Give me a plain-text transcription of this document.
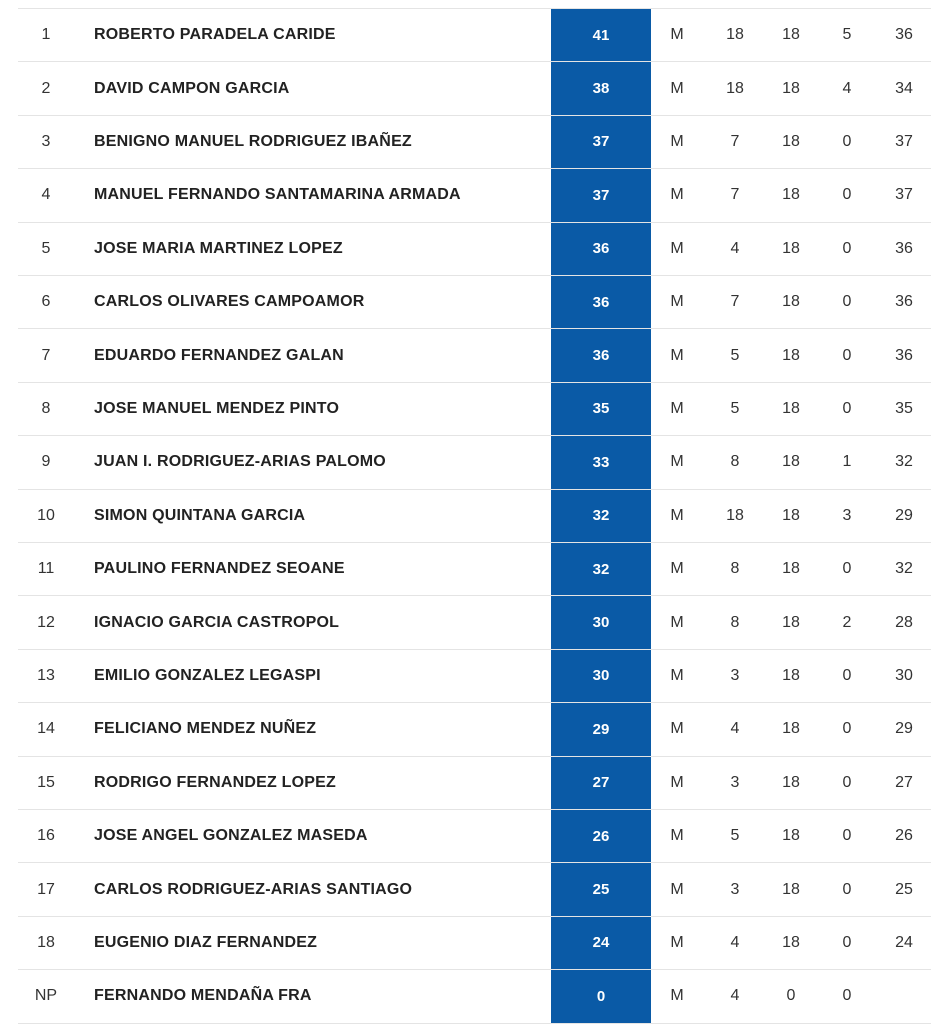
1	ROBERTO PARADELA CARIDE	41	M	18	18	5	36
2	DAVID CAMPON GARCIA	38	M	18	18	4	34
3	BENIGNO MANUEL RODRIGUEZ IBAÑEZ	37	M	7	18	0	37
4	MANUEL FERNANDO SANTAMARINA ARMADA	37	M	7	18	0	37
5	JOSE MARIA MARTINEZ LOPEZ	36	M	4	18	0	36
6	CARLOS OLIVARES CAMPOAMOR	36	M	7	18	0	36
7	EDUARDO FERNANDEZ GALAN	36	M	5	18	0	36
8	JOSE MANUEL MENDEZ PINTO	35	M	5	18	0	35
9	JUAN I. RODRIGUEZ-ARIAS PALOMO	33	M	8	18	1	32
10	SIMON QUINTANA GARCIA	32	M	18	18	3	29
11	PAULINO FERNANDEZ SEOANE	32	M	8	18	0	32
12	IGNACIO GARCIA CASTROPOL	30	M	8	18	2	28
13	EMILIO GONZALEZ LEGASPI	30	M	3	18	0	30
14	FELICIANO MENDEZ NUÑEZ	29	M	4	18	0	29
15	RODRIGO FERNANDEZ LOPEZ	27	M	3	18	0	27
16	JOSE ANGEL GONZALEZ MASEDA	26	M	5	18	0	26
17	CARLOS RODRIGUEZ-ARIAS SANTIAGO	25	M	3	18	0	25
18	EUGENIO DIAZ FERNANDEZ	24	M	4	18	0	24
NP	FERNANDO MENDAÑA FRA	0	M	4	0	0
